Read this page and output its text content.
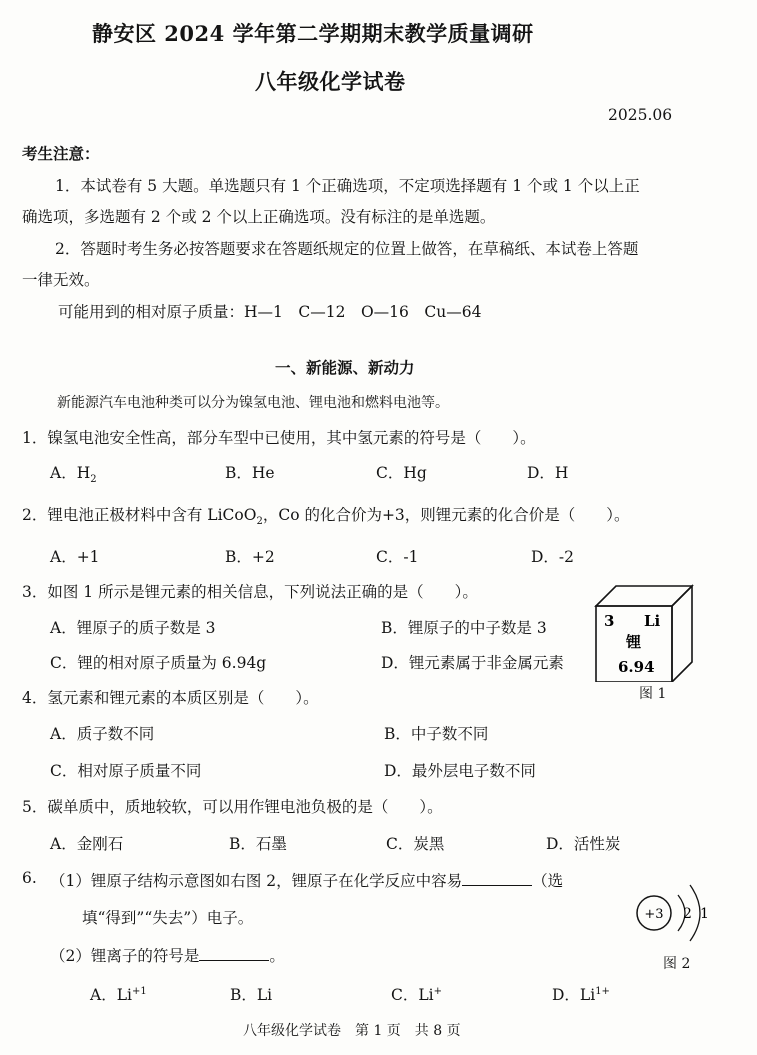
静安区 2024 学年第二学期期末教学质量调研
八年级化学试卷
2025.06
考生注意：
1．本试卷有 5 大题。单选题只有 1 个正确选项，不定项选择题有 1 个或 1 个以上正
确选项，多选题有 2 个或 2 个以上正确选项。没有标注的是单选题。
2．答题时考生务必按答题要求在答题纸规定的位置上做答，在草稿纸、本试卷上答题
一律无效。
可能用到的相对原子质量：H—1　C—12　O—16　Cu—64
一、新能源、新动力
新能源汽车电池种类可以分为镍氢电池、锂电池和燃料电池等。
1．镍氢电池安全性高，部分车型中已使用，其中氢元素的符号是（　　）。
A．$H_2$	B．He	C．Hg	D．H
2．锂电池正极材料中含有 LiCoO$_2$，Co 的化合价为+3，则锂元素的化合价是（　　）。
A．+1	B．+2	C．-1	D．-2
3．如图 1 所示是锂元素的相关信息，下列说法正确的是（　　）。
A．锂原子的质子数是 3	B．锂原子的中子数是 3
C．锂的相对原子质量为 6.94g	D．锂元素属于非金属元素
3 Li
锂
6.94
图 1
4．氢元素和锂元素的本质区别是（　　）。
A．质子数不同	B．中子数不同
C．相对原子质量不同	D．最外层电子数不同
5．碳单质中，质地较软，可以用作锂电池负极的是（　　）。
A．金刚石	B．石墨	C．炭黑	D．活性炭
6. （1）锂原子结构示意图如右图 2，锂原子在化学反应中容易	（选
填“得到”“失去”）电子。
（2）锂离子的符号是	。
+3 2 1
图 2
A．$Li^{+1}$	B．Li	C．Li+	D．$Li^{1+}$
八年级化学试卷　第 1 页　共 8 页
